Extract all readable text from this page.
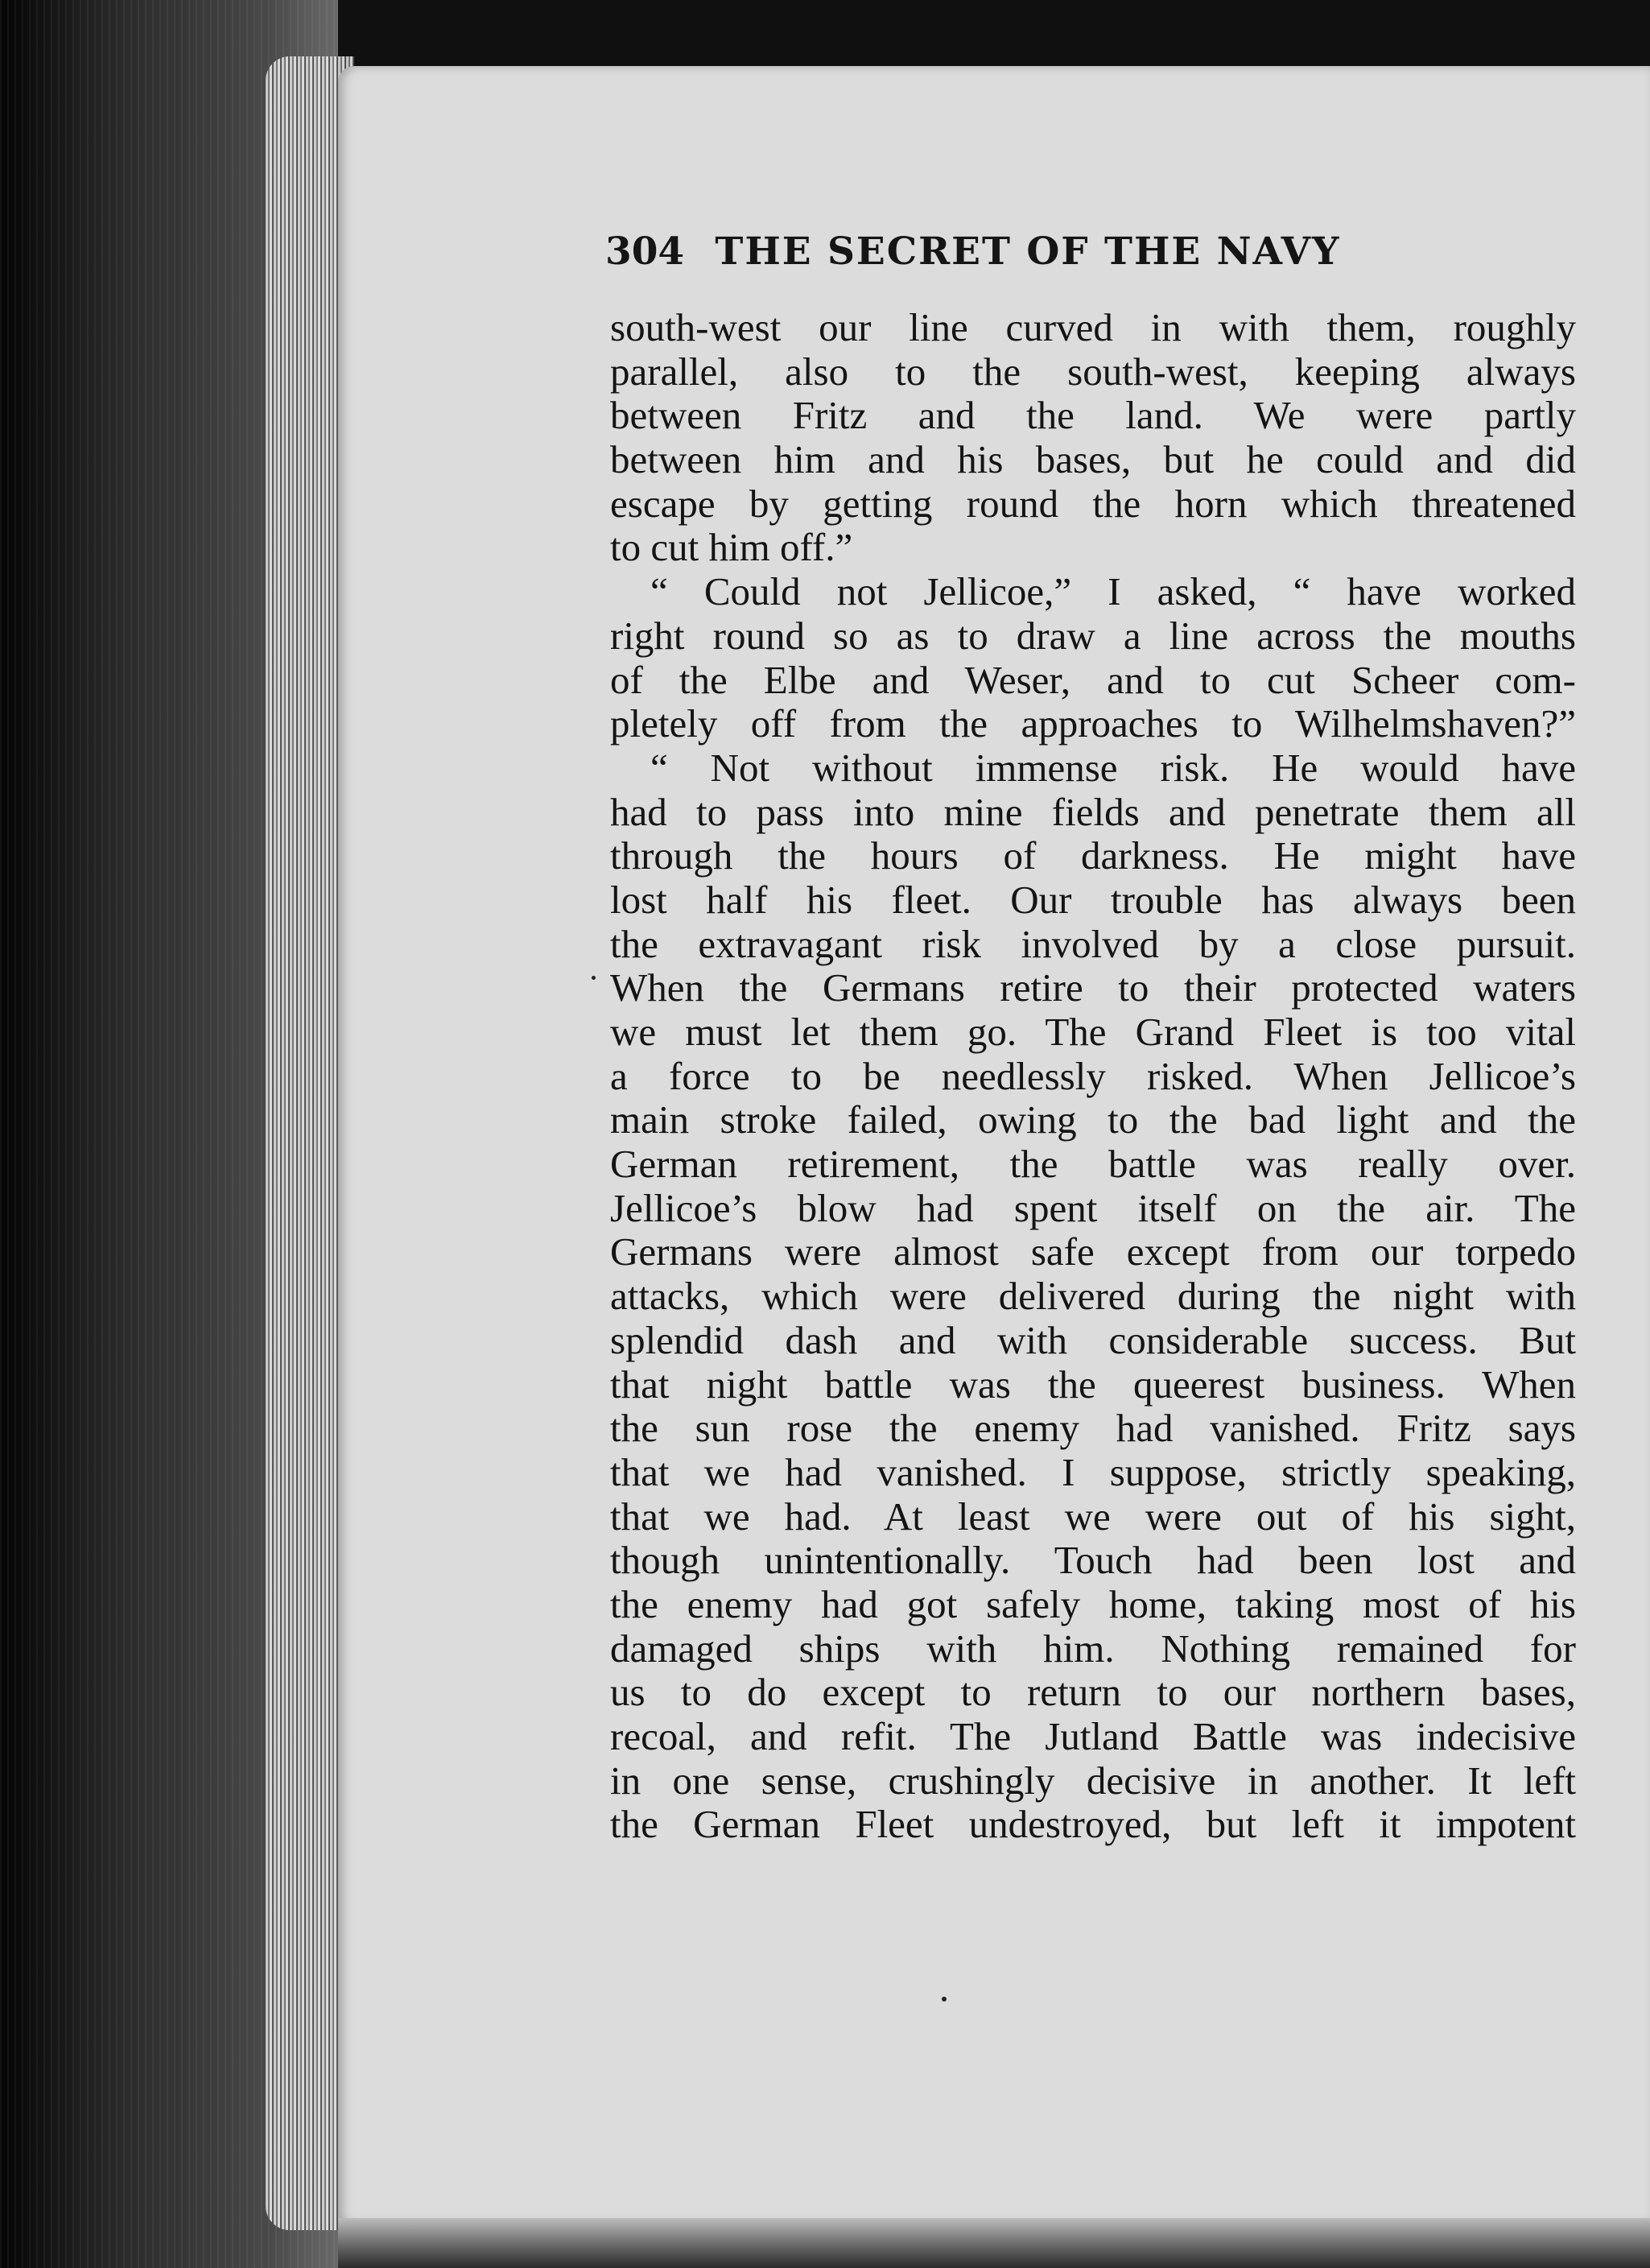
304 THE SECRET OF THE NAVY
south-west our line curved in with them, roughly
parallel, also to the south-west, keeping always
between Fritz and the land. We were partly
between him and his bases, but he could and did
escape by getting round the horn which threatened
to cut him off.”
“ Could not Jellicoe,” I asked, “ have worked
right round so as to draw a line across the mouths
of the Elbe and Weser, and to cut Scheer com-
pletely off from the approaches to Wilhelmshaven?”
“ Not without immense risk. He would have
had to pass into mine fields and penetrate them all
through the hours of darkness. He might have
lost half his fleet. Our trouble has always been
the extravagant risk involved by a close pursuit.
When the Germans retire to their protected waters
we must let them go. The Grand Fleet is too vital
a force to be needlessly risked. When Jellicoe’s
main stroke failed, owing to the bad light and the
German retirement, the battle was really over.
Jellicoe’s blow had spent itself on the air. The
Germans were almost safe except from our torpedo
attacks, which were delivered during the night with
splendid dash and with considerable success. But
that night battle was the queerest business. When
the sun rose the enemy had vanished. Fritz says
that we had vanished. I suppose, strictly speaking,
that we had. At least we were out of his sight,
though unintentionally. Touch had been lost and
the enemy had got safely home, taking most of his
damaged ships with him. Nothing remained for
us to do except to return to our northern bases,
recoal, and refit. The Jutland Battle was indecisive
in one sense, crushingly decisive in another. It left
the German Fleet undestroyed, but left it impotent
